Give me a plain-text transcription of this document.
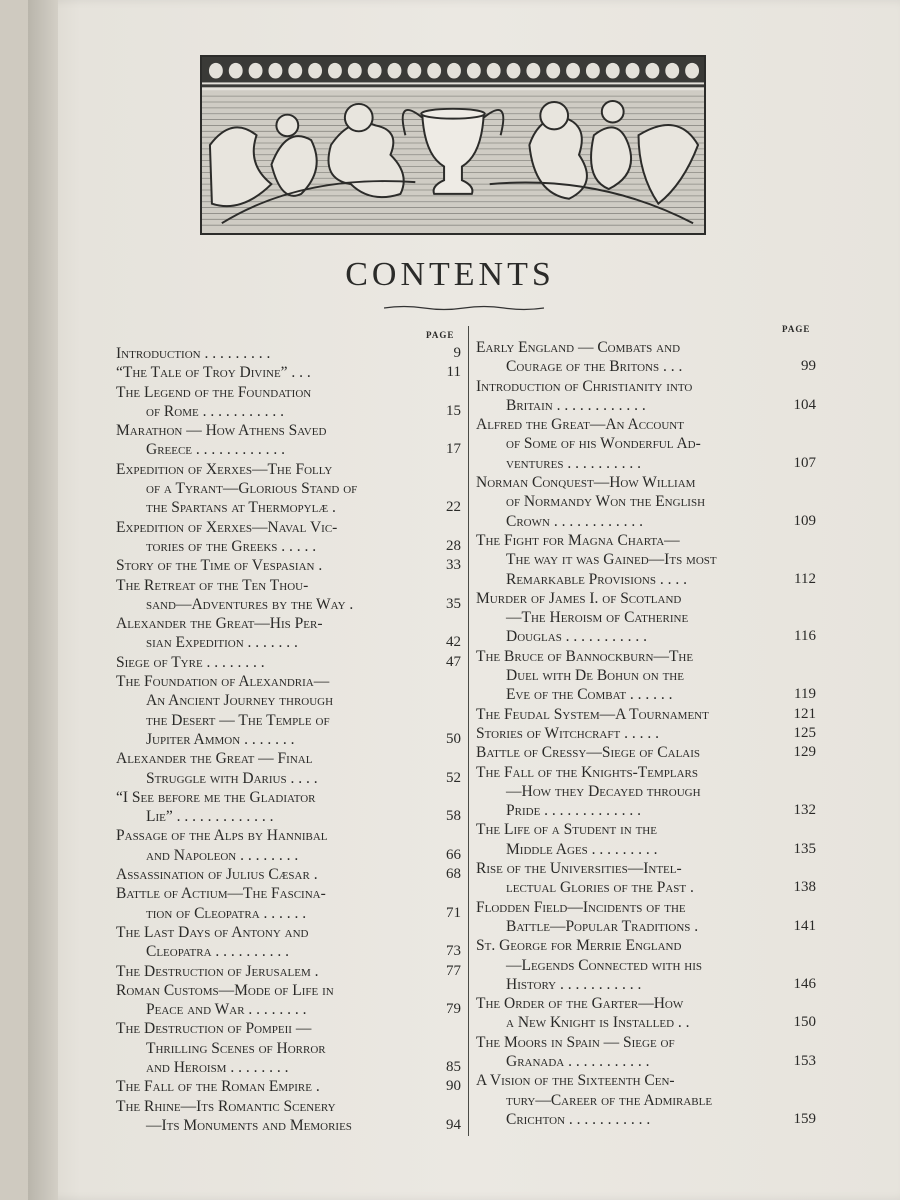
CONTENTS
PAGE
PAGE
Introduction . . . . . . . . .	9
“The Tale of Troy Divine” . . .	11
The Legend of the Foundation
of Rome . . . . . . . . . . .	15
Marathon — How Athens Saved
Greece . . . . . . . . . . . .	17
Expedition of Xerxes—The Folly
of a Tyrant—Glorious Stand of
the Spartans at Thermopylæ .	22
Expedition of Xerxes—Naval Vic-
tories of the Greeks . . . . .	28
Story of the Time of Vespasian .	33
The Retreat of the Ten Thou-
sand—Adventures by the Way .	35
Alexander the Great—His Per-
sian Expedition . . . . . . .	42
Siege of Tyre . . . . . . . .	47
The Foundation of Alexandria—
An Ancient Journey through
the Desert — The Temple of
Jupiter Ammon . . . . . . .	50
Alexander the Great — Final
Struggle with Darius . . . .	52
“I See before me the Gladiator
Lie” . . . . . . . . . . . . .	58
Passage of the Alps by Hannibal
and Napoleon . . . . . . . .	66
Assassination of Julius Cæsar .	68
Battle of Actium—The Fascina-
tion of Cleopatra . . . . . .	71
The Last Days of Antony and
Cleopatra . . . . . . . . . .	73
The Destruction of Jerusalem .	77
Roman Customs—Mode of Life in
Peace and War . . . . . . . .	79
The Destruction of Pompeii —
Thrilling Scenes of Horror
and Heroism . . . . . . . .	85
The Fall of the Roman Empire .	90
The Rhine—Its Romantic Scenery
—Its Monuments and Memories	94
Early England — Combats and
Courage of the Britons . . .	99
Introduction of Christianity into
Britain . . . . . . . . . . . .	104
Alfred the Great—An Account
of Some of his Wonderful Ad-
ventures . . . . . . . . . .	107
Norman Conquest—How William
of Normandy Won the English
Crown . . . . . . . . . . . .	109
The Fight for Magna Charta—
The way it was Gained—Its most
Remarkable Provisions . . . .	112
Murder of James I. of Scotland
—The Heroism of Catherine
Douglas . . . . . . . . . . .	116
The Bruce of Bannockburn—The
Duel with De Bohun on the
Eve of the Combat . . . . . .	119
The Feudal System—A Tournament	121
Stories of Witchcraft . . . . .	125
Battle of Cressy—Siege of Calais	129
The Fall of the Knights-Templars
—How they Decayed through
Pride . . . . . . . . . . . . .	132
The Life of a Student in the
Middle Ages . . . . . . . . .	135
Rise of the Universities—Intel-
lectual Glories of the Past .	138
Flodden Field—Incidents of the
Battle—Popular Traditions .	141
St. George for Merrie England
—Legends Connected with his
History . . . . . . . . . . .	146
The Order of the Garter—How
a New Knight is Installed . .	150
The Moors in Spain — Siege of
Granada . . . . . . . . . . .	153
A Vision of the Sixteenth Cen-
tury—Career of the Admirable
Crichton . . . . . . . . . . .	159
